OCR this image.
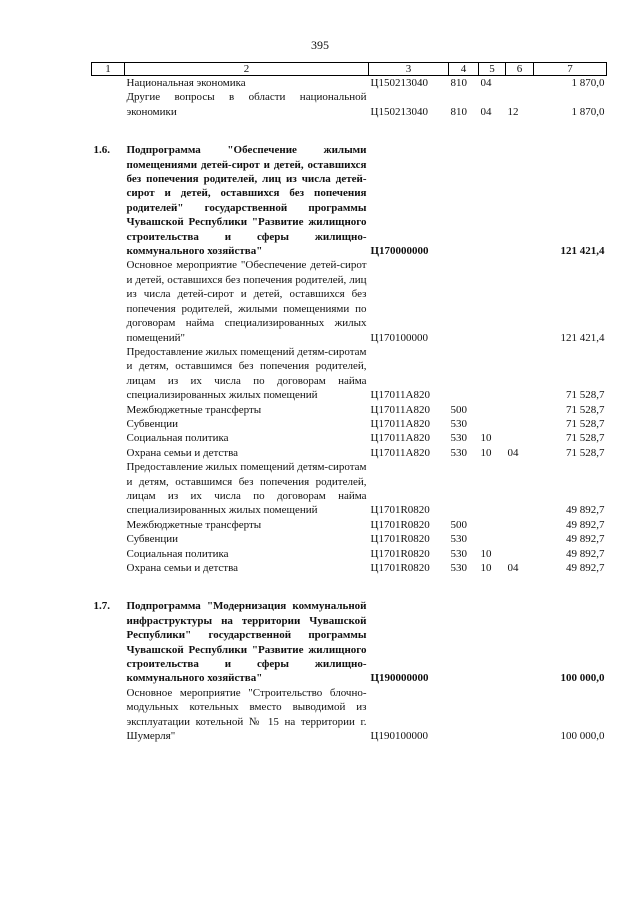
395
1	2	3	4	5	6	7
	Национальная экономика	Ц150213040	810	04		1 870,0
	Другие вопросы в области национальной экономики	Ц150213040	810	04	12	1 870,0

1.6.	Подпрограмма "Обеспечение жилыми помещениями детей-сирот и детей, оставшихся без попечения родителей, лиц из числа детей-сирот и детей, оставшихся без попечения родителей" государственной программы Чувашской Республики "Развитие жилищного строительства и сферы жилищно-коммунального хозяйства"	Ц170000000				121 421,4
	Основное мероприятие "Обеспечение детей-сирот и детей, оставшихся без попечения родителей, лиц из числа детей-сирот и детей, оставшихся без попечения родителей, жилыми помещениями по договорам найма специализированных жилых помещений"	Ц170100000				121 421,4
	Предоставление жилых помещений детям-сиротам и детям, оставшимся без попечения родителей, лицам из их числа по договорам найма специализированных жилых помещений	Ц17011А820				71 528,7
	Межбюджетные трансферты	Ц17011А820	500			71 528,7
	Субвенции	Ц17011А820	530			71 528,7
	Социальная политика	Ц17011А820	530	10		71 528,7
	Охрана семьи и детства	Ц17011А820	530	10	04	71 528,7
	Предоставление жилых помещений детям-сиротам и детям, оставшимся без попечения родителей, лицам из их числа по договорам найма специализированных жилых помещений	Ц1701R0820				49 892,7
	Межбюджетные трансферты	Ц1701R0820	500			49 892,7
	Субвенции	Ц1701R0820	530			49 892,7
	Социальная политика	Ц1701R0820	530	10		49 892,7
	Охрана семьи и детства	Ц1701R0820	530	10	04	49 892,7

1.7.	Подпрограмма "Модернизация коммунальной инфраструктуры на территории Чувашской Республики" государственной программы Чувашской Республики "Развитие жилищного строительства и сферы жилищно-коммунального хозяйства"	Ц190000000				100 000,0
	Основное мероприятие "Строительство блочно-модульных котельных вместо выводимой из эксплуатации котельной № 15 на территории г. Шумерля"	Ц190100000				100 000,0
